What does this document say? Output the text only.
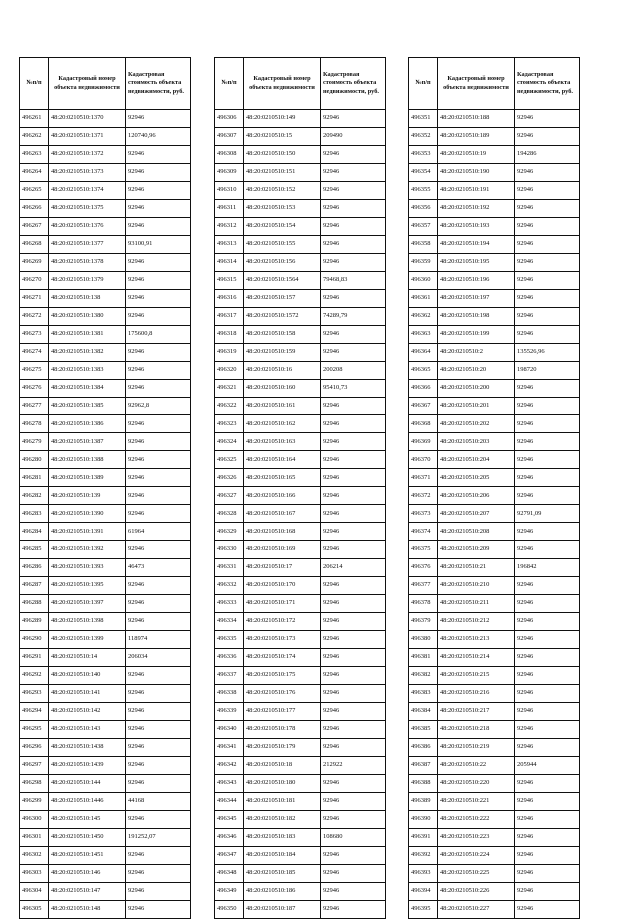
№п/п	Кадастровый номер объекта недвижимости	Кадастровая стоимость объекта недвижимости, руб.
496261	48:20:0210510:1370	92946
496262	48:20:0210510:1371	120740,96
496263	48:20:0210510:1372	92946
496264	48:20:0210510:1373	92946
496265	48:20:0210510:1374	92946
496266	48:20:0210510:1375	92946
496267	48:20:0210510:1376	92946
496268	48:20:0210510:1377	93100,91
496269	48:20:0210510:1378	92946
496270	48:20:0210510:1379	92946
496271	48:20:0210510:138	92946
496272	48:20:0210510:1380	92946
496273	48:20:0210510:1381	175600,8
496274	48:20:0210510:1382	92946
496275	48:20:0210510:1383	92946
496276	48:20:0210510:1384	92946
496277	48:20:0210510:1385	92962,8
496278	48:20:0210510:1386	92946
496279	48:20:0210510:1387	92946
496280	48:20:0210510:1388	92946
496281	48:20:0210510:1389	92946
496282	48:20:0210510:139	92946
496283	48:20:0210510:1390	92946
496284	48:20:0210510:1391	61964
496285	48:20:0210510:1392	92946
496286	48:20:0210510:1393	46473
496287	48:20:0210510:1395	92946
496288	48:20:0210510:1397	92946
496289	48:20:0210510:1398	92946
496290	48:20:0210510:1399	118974
496291	48:20:0210510:14	206034
496292	48:20:0210510:140	92946
496293	48:20:0210510:141	92946
496294	48:20:0210510:142	92946
496295	48:20:0210510:143	92946
496296	48:20:0210510:1438	92946
496297	48:20:0210510:1439	92946
496298	48:20:0210510:144	92946
496299	48:20:0210510:1446	44168
496300	48:20:0210510:145	92946
496301	48:20:0210510:1450	191252,07
496302	48:20:0210510:1451	92946
496303	48:20:0210510:146	92946
496304	48:20:0210510:147	92946
496305	48:20:0210510:148	92946
№п/п	Кадастровый номер объекта недвижимости	Кадастровая стоимость объекта недвижимости, руб.
496306	48:20:0210510:149	92946
496307	48:20:0210510:15	209490
496308	48:20:0210510:150	92946
496309	48:20:0210510:151	92946
496310	48:20:0210510:152	92946
496311	48:20:0210510:153	92946
496312	48:20:0210510:154	92946
496313	48:20:0210510:155	92946
496314	48:20:0210510:156	92946
496315	48:20:0210510:1564	79468,83
496316	48:20:0210510:157	92946
496317	48:20:0210510:1572	74289,79
496318	48:20:0210510:158	92946
496319	48:20:0210510:159	92946
496320	48:20:0210510:16	200208
496321	48:20:0210510:160	95410,73
496322	48:20:0210510:161	92946
496323	48:20:0210510:162	92946
496324	48:20:0210510:163	92946
496325	48:20:0210510:164	92946
496326	48:20:0210510:165	92946
496327	48:20:0210510:166	92946
496328	48:20:0210510:167	92946
496329	48:20:0210510:168	92946
496330	48:20:0210510:169	92946
496331	48:20:0210510:17	206214
496332	48:20:0210510:170	92946
496333	48:20:0210510:171	92946
496334	48:20:0210510:172	92946
496335	48:20:0210510:173	92946
496336	48:20:0210510:174	92946
496337	48:20:0210510:175	92946
496338	48:20:0210510:176	92946
496339	48:20:0210510:177	92946
496340	48:20:0210510:178	92946
496341	48:20:0210510:179	92946
496342	48:20:0210510:18	212922
496343	48:20:0210510:180	92946
496344	48:20:0210510:181	92946
496345	48:20:0210510:182	92946
496346	48:20:0210510:183	108680
496347	48:20:0210510:184	92946
496348	48:20:0210510:185	92946
496349	48:20:0210510:186	92946
496350	48:20:0210510:187	92946
№п/п	Кадастровый номер объекта недвижимости	Кадастровая стоимость объекта недвижимости, руб.
496351	48:20:0210510:188	92946
496352	48:20:0210510:189	92946
496353	48:20:0210510:19	194286
496354	48:20:0210510:190	92946
496355	48:20:0210510:191	92946
496356	48:20:0210510:192	92946
496357	48:20:0210510:193	92946
496358	48:20:0210510:194	92946
496359	48:20:0210510:195	92946
496360	48:20:0210510:196	92946
496361	48:20:0210510:197	92946
496362	48:20:0210510:198	92946
496363	48:20:0210510:199	92946
496364	48:20:0210510:2	135526,96
496365	48:20:0210510:20	198720
496366	48:20:0210510:200	92946
496367	48:20:0210510:201	92946
496368	48:20:0210510:202	92946
496369	48:20:0210510:203	92946
496370	48:20:0210510:204	92946
496371	48:20:0210510:205	92946
496372	48:20:0210510:206	92946
496373	48:20:0210510:207	92791,09
496374	48:20:0210510:208	92946
496375	48:20:0210510:209	92946
496376	48:20:0210510:21	196842
496377	48:20:0210510:210	92946
496378	48:20:0210510:211	92946
496379	48:20:0210510:212	92946
496380	48:20:0210510:213	92946
496381	48:20:0210510:214	92946
496382	48:20:0210510:215	92946
496383	48:20:0210510:216	92946
496384	48:20:0210510:217	92946
496385	48:20:0210510:218	92946
496386	48:20:0210510:219	92946
496387	48:20:0210510:22	205944
496388	48:20:0210510:220	92946
496389	48:20:0210510:221	92946
496390	48:20:0210510:222	92946
496391	48:20:0210510:223	92946
496392	48:20:0210510:224	92946
496393	48:20:0210510:225	92946
496394	48:20:0210510:226	92946
496395	48:20:0210510:227	92946
